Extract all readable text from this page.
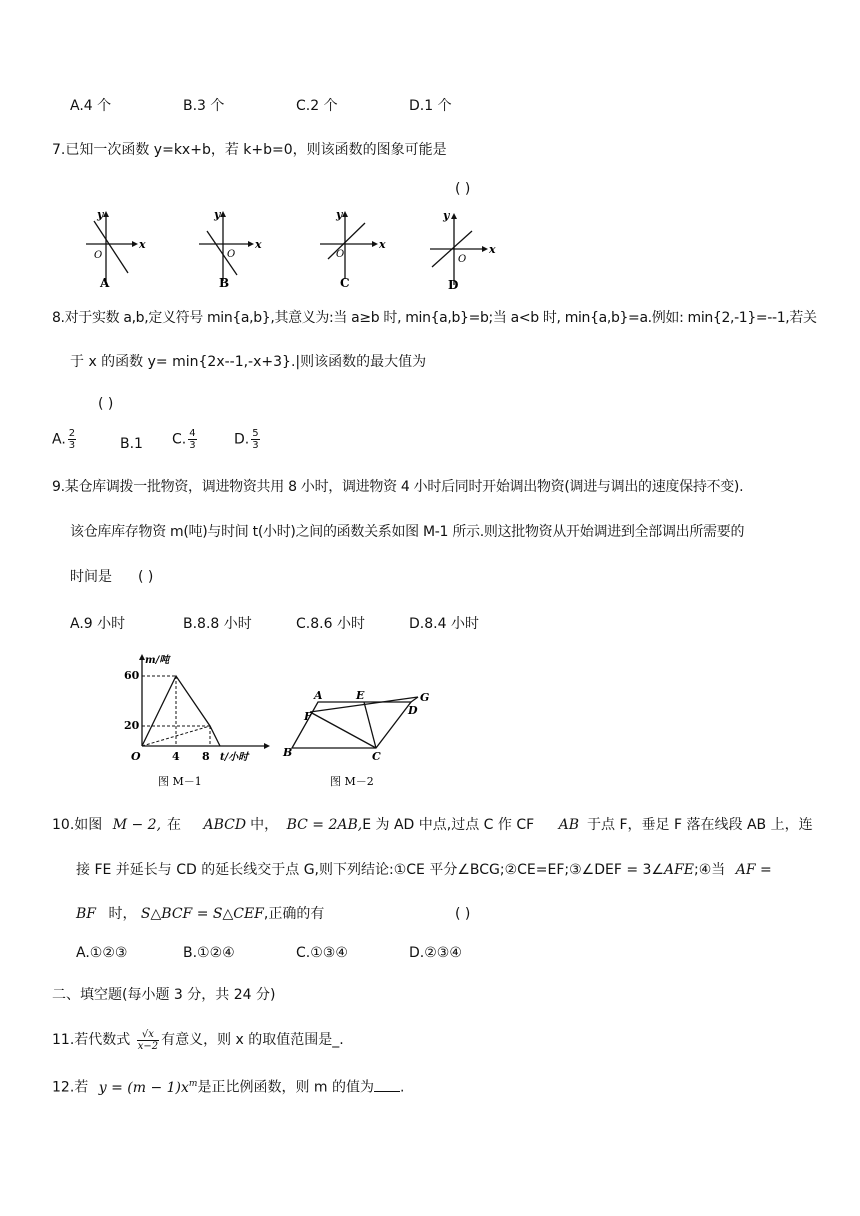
A.4 个	B.3 个	C.2 个	D.1 个
7.已知一次函数 y=kx+b，若 k+b=0，则该函数的图象可能是
( )
y
x
O
A
y
x
O
B
y
x
O
C
y
x
O
D
8.对于实数 a,b,定义符号 min{a,b},其意义为:当 a≥b 时, min{a,b}=b;当 a<b 时, min{a,b}=a.例如: min{2,-1}=--1,若关
于 x 的函数 y= min{2x--1,-x+3}.|则该函数的最大值为
( )
A. $\frac{2}{3}$	B.1 C. $\frac{4}{3}$	D. $\frac{5}{3}$
9.某仓库调拨一批物资，调进物资共用 8 小时，调进物资 4 小时后同时开始调出物资(调进与调出的速度保持不变).
该仓库库存物资 m(吨)与时间 t(小时)之间的函数关系如图 M-1 所示.则这批物资从开始调进到全部调出所需要的
时间是 ( )
A.9 小时	B.8.8 小时	C.8.6 小时	D.8.4 小时
m/吨
60
20
4 8
O	t/小时
图 M－1
A	E	G
F	D
B	C
图 M－2
10.如图 M − 2, 在 ABCD 中， BC = 2AB,E 为 AD 中点,过点 C 作 CF AB 于点 F，垂足 F 落在线段 AB 上，连
接 FE 并延长与 CD 的延长线交于点 G,则下列结论:①CE 平分∠BCG;②CE=EF;③∠DEF = 3∠AFE;④当 AF =
BF 时， S△BCF = S△CEF,正确的有	( )
A.①②③	B.①②④	C.①③④	D.②③④
二、填空题(每小题 3 分，共 24 分)
11.若代数式 $\frac{√x}{x-2}$ 有意义，则 x 的取值范围是_.
12.若 $y = (m - 1)x^m$是正比例函数，则 m 的值为 .
